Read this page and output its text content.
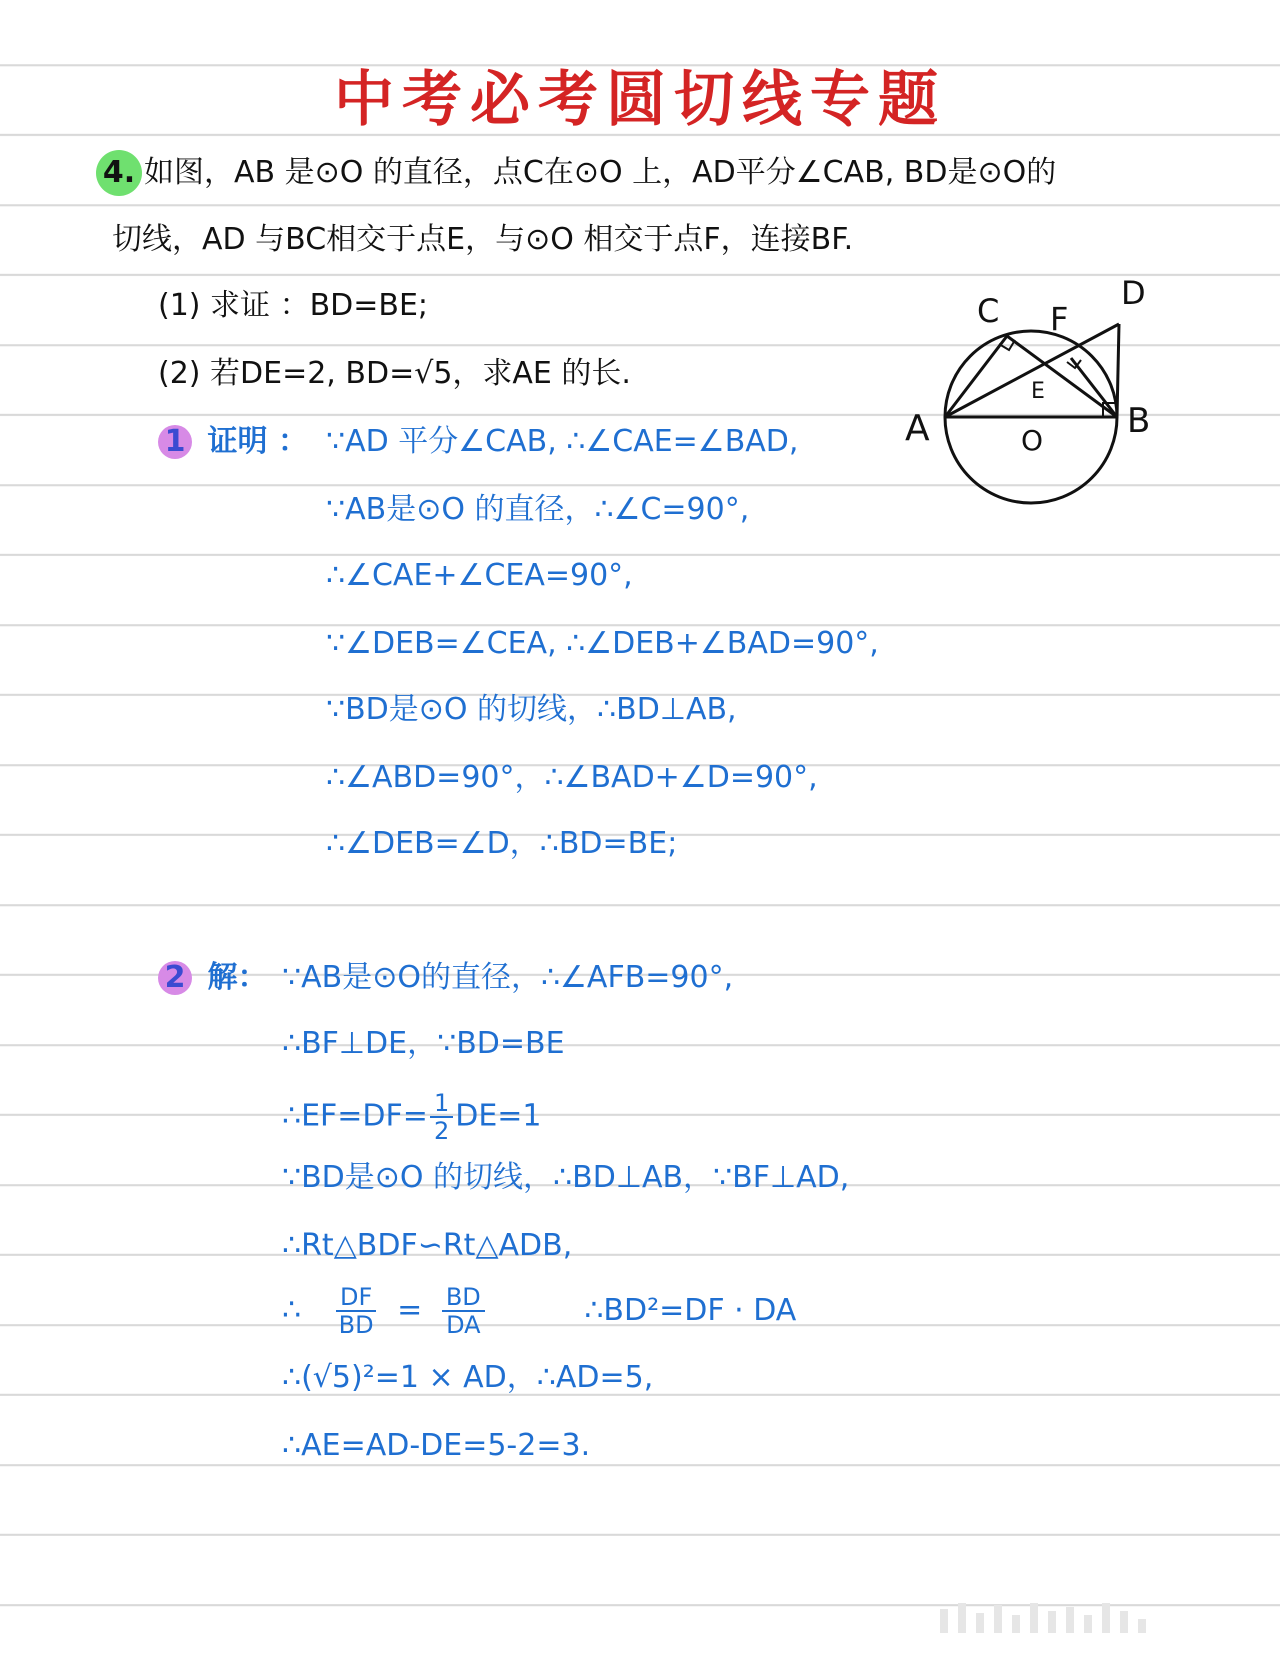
中考必考圆切线专题
4. 如图，AB 是⊙O 的直径，点C在⊙O 上，AD平分∠CAB, BD是⊙O的
切线，AD 与BC相交于点E，与⊙O 相交于点F，连接BF.
(1) 求证 ：BD=BE;
(2) 若DE=2, BD=√5，求AE 的长.
C F
D
A	B
E
O
1 证明 ： ∵AD 平分∠CAB, ∴∠CAE=∠BAD,
∵AB是⊙O 的直径，∴∠C=90°,
∴∠CAE+∠CEA=90°,
∵∠DEB=∠CEA, ∴∠DEB+∠BAD=90°,
∵BD是⊙O 的切线，∴BD⊥AB,
∴∠ABD=90°，∴∠BAD+∠D=90°,
∴∠DEB=∠D，∴BD=BE;
2 解： ∵AB是⊙O的直径，∴∠AFB=90°,
∴BF⊥DE，∵BD=BE
∴EF=DF= $\frac{1}{2} DE=1$
∵BD是⊙O 的切线，∴BD⊥AB，∵BF⊥AD,
∴Rt△BDF∽Rt△ADB,
∴ $\frac{DF}{BD} = \frac{BD}{DA}$	∴BD²=DF · DA
∴(√5)²=1 × AD，∴AD=5,
∴AE=AD-DE=5-2=3.
